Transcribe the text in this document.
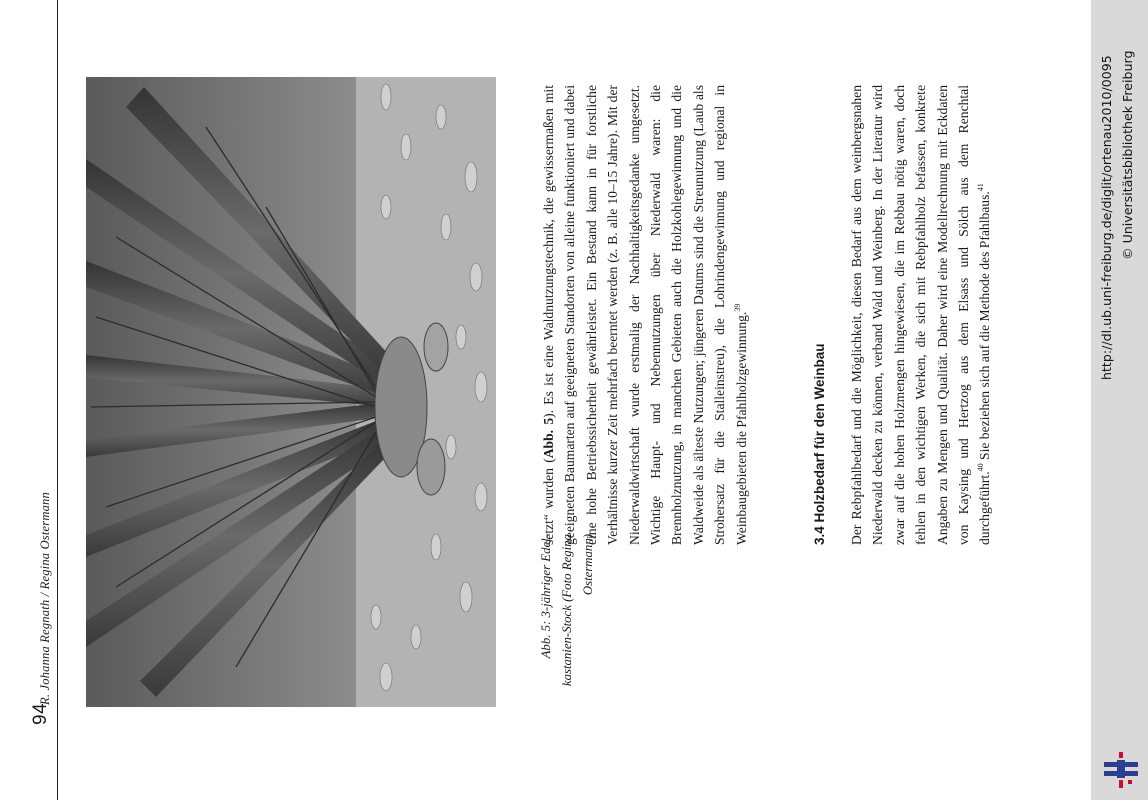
94
R. Johanna Regnath / Regina Ostermann	Abb. 5: 3-jähriger Edel-kastanien-Stock (Foto Regina Ostermann)

setzt“ wurden (Abb. 5). Es ist eine Waldnutzungstechnik, die gewissermaßen mit geeigneten Baumarten auf geeigneten Standorten von alleine funktioniert und dabei eine hohe Betriebssicherheit gewährleistet. Ein Bestand kann in für forstliche Verhältnisse kurzer Zeit mehrfach beerntet werden (z. B. alle 10–15 Jahre). Mit der Niederwaldwirtschaft wurde erstmalig der Nachhaltigkeitsgedanke umgesetzt. Wichtige Haupt- und Nebennutzungen über Niederwald waren: die Brennholznutzung, in manchen Gebieten auch die Holzkohlegewinnung und die Waldweide als älteste Nutzungen; jüngeren Datums sind die Streunutzung (Laub als Strohersatz für die Stalleinstreu), die Lohrindengewinnung und regional in Weinbaugebieten die Pfahlholzgewinnung.$^{39}$

3.4 Holzbedarf für den Weinbau Der Rebpfahlbedarf und die Möglichkeit, diesen Bedarf aus dem weinbergsnahen Niederwald decken zu können, verband Wald und Weinberg. In der Literatur wird zwar auf die hohen Holzmengen hingewiesen, die im Rebbau nötig waren, doch fehlen in den wichtigen Werken, die sich mit Rebpfahlholz befassen, konkrete Angaben zu Mengen und Qualität. Daher wird eine Modellrechnung mit Eckdaten von Kaysing und Hertzog aus dem Elsass und Sölch aus dem Renchtal durchgeführt.$^{40}$ Sie beziehen sich auf die Methode des Pfahlbaus.$^{41}$	http://dl.ub.uni-freiburg.de/diglit/ortenau2010/0095 © Universitätsbibliothek Freiburg
